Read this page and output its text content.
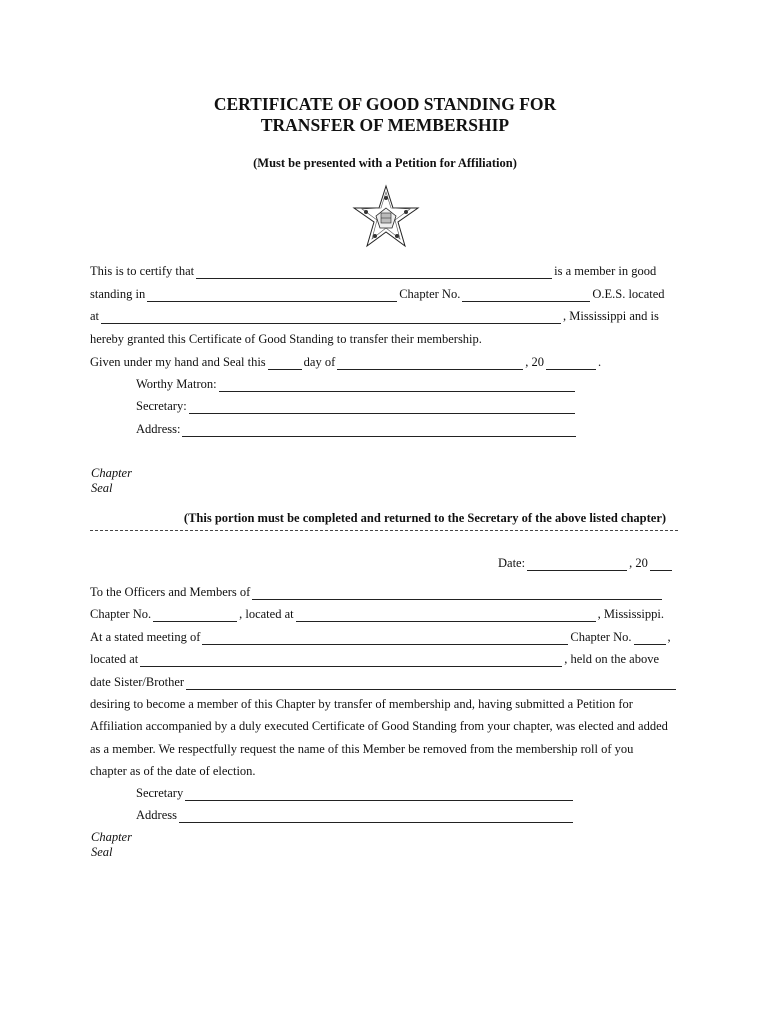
CERTIFICATE OF GOOD STANDING FOR
TRANSFER OF MEMBERSHIP
(Must be presented with a Petition for Affiliation)
This is to certify that	is a member in good
standing in	Chapter No.	O.E.S. located
at	, Mississippi and is
hereby granted this Certificate of Good Standing to transfer their membership.
Given under my hand and Seal this	day of	, 20	.
Worthy Matron:
Secretary:
Address:
Chapter
Seal
(This portion must be completed and returned to the Secretary of the above listed chapter)
Date:	, 20
To the Officers and Members of
Chapter No.	, located at	, Mississippi.
At a stated meeting of	Chapter No.	,
located at	, held on the above
date Sister/Brother
desiring to become a member of this Chapter by transfer of membership and, having submitted a Petition for
Affiliation accompanied by a duly executed Certificate of Good Standing from your chapter, was elected and added
as a member. We respectfully request the name of this Member be removed from the membership roll of you
chapter as of the date of election.
Secretary
Address
Chapter
Seal
